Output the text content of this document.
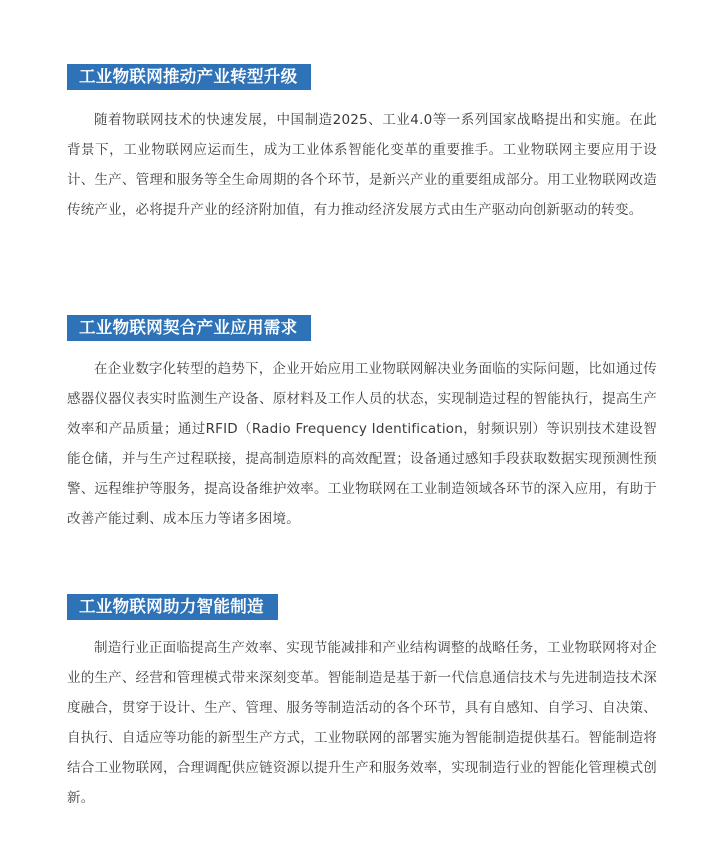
工业物联网推动产业转型升级

随着物联网技术的快速发展，中国制造2025、工业4.0等一系列国家战略提出和实施。在此背景下，工业物联网应运而生，成为工业体系智能化变革的重要推手。工业物联网主要应用于设计、生产、管理和服务等全生命周期的各个环节，是新兴产业的重要组成部分。用工业物联网改造传统产业，必将提升产业的经济附加值，有力推动经济发展方式由生产驱动向创新驱动的转变。

工业物联网契合产业应用需求

在企业数字化转型的趋势下，企业开始应用工业物联网解决业务面临的实际问题，比如通过传感器仪器仪表实时监测生产设备、原材料及工作人员的状态，实现制造过程的智能执行，提高生产效率和产品质量；通过RFID（Radio Frequency Identification，射频识别）等识别技术建设智能仓储，并与生产过程联接，提高制造原料的高效配置；设备通过感知手段获取数据实现预测性预警、远程维护等服务，提高设备维护效率。工业物联网在工业制造领域各环节的深入应用，有助于改善产能过剩、成本压力等诸多困境。

工业物联网助力智能制造

制造行业正面临提高生产效率、实现节能减排和产业结构调整的战略任务，工业物联网将对企业的生产、经营和管理模式带来深刻变革。智能制造是基于新一代信息通信技术与先进制造技术深度融合，贯穿于设计、生产、管理、服务等制造活动的各个环节，具有自感知、自学习、自决策、自执行、自适应等功能的新型生产方式，工业物联网的部署实施为智能制造提供基石。智能制造将结合工业物联网，合理调配供应链资源以提升生产和服务效率，实现制造行业的智能化管理模式创新。
